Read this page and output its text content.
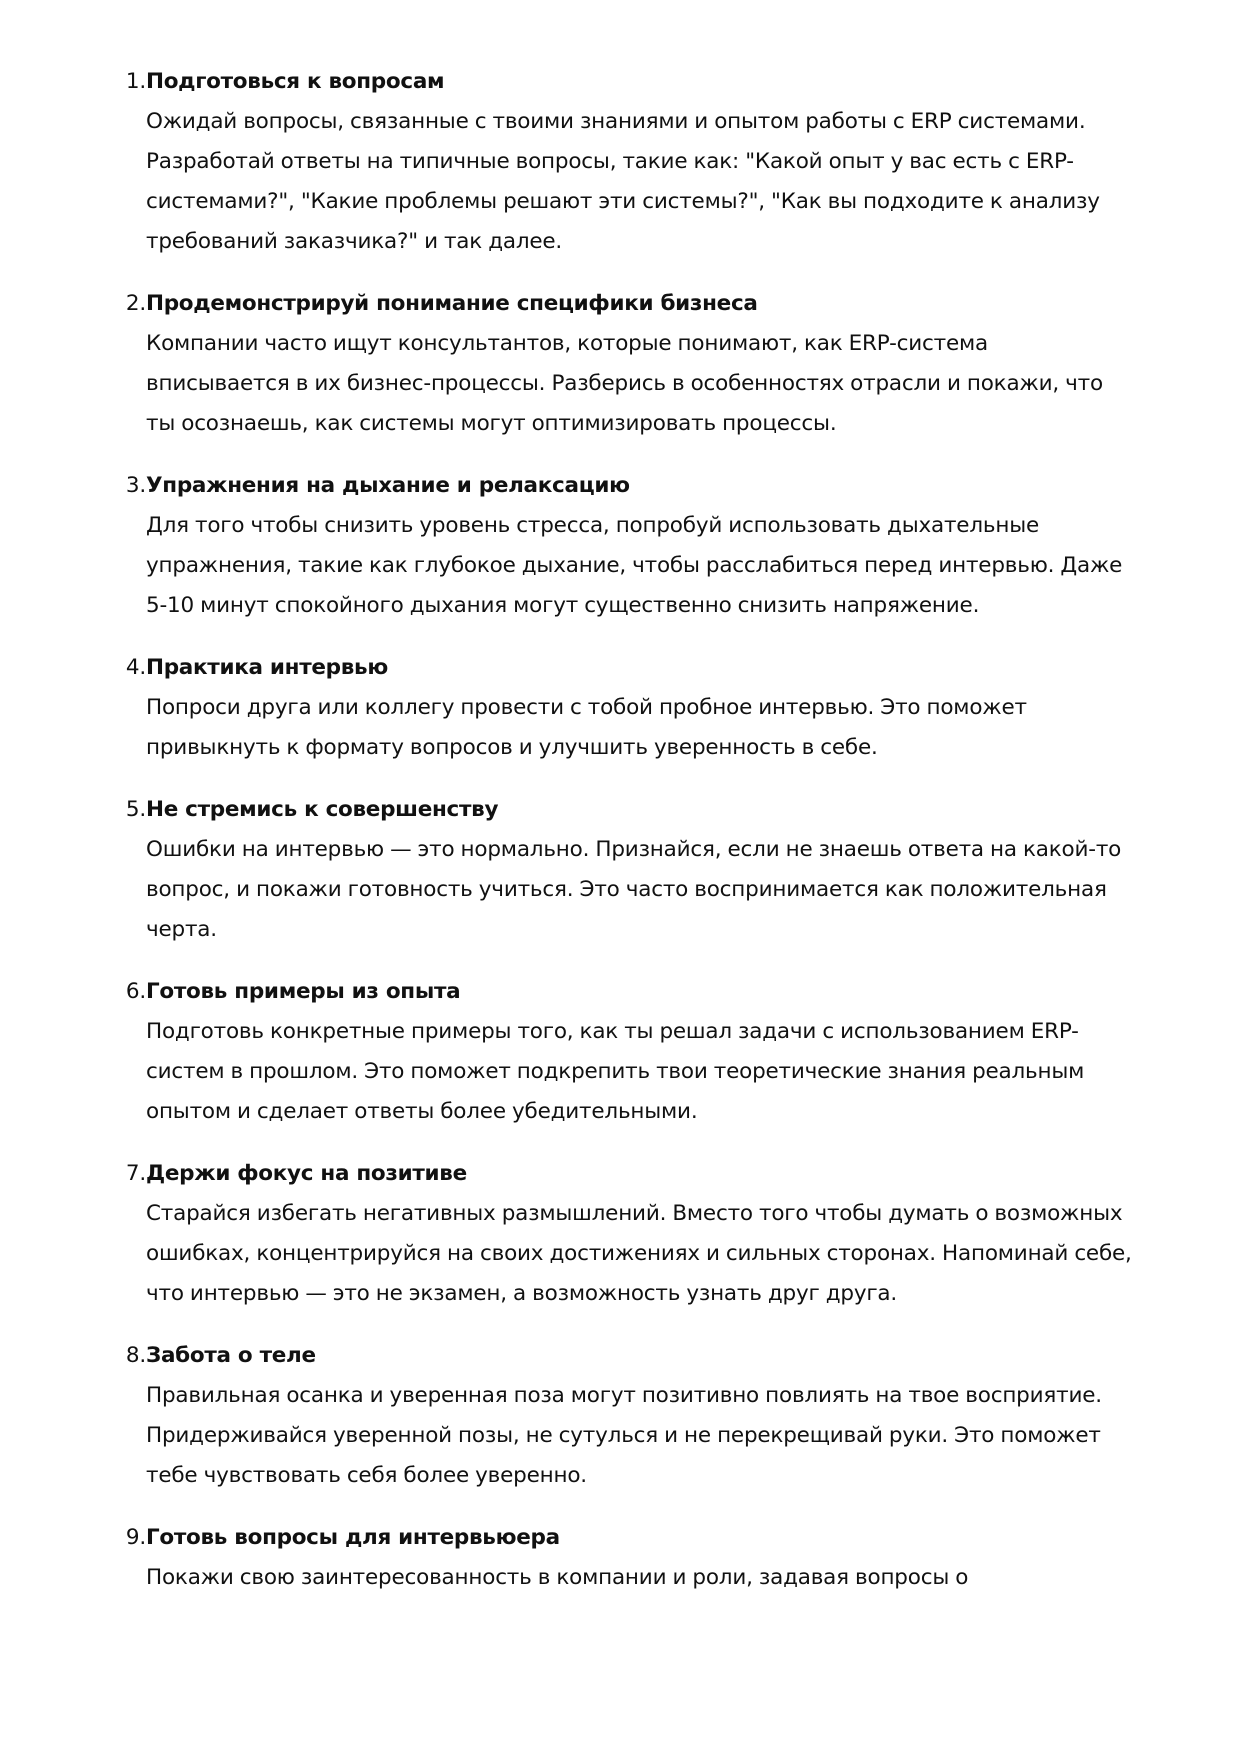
1. Подготовься к вопросам
Ожидай вопросы, связанные с твоими знаниями и опытом работы с ERP системами.
Разработай ответы на типичные вопросы, такие как: "Какой опыт у вас есть с ERP-
системами?", "Какие проблемы решают эти системы?", "Как вы подходите к анализу
требований заказчика?" и так далее.
2. Продемонстрируй понимание специфики бизнеса
Компании часто ищут консультантов, которые понимают, как ERP-система
вписывается в их бизнес-процессы. Разберись в особенностях отрасли и покажи, что
ты осознаешь, как системы могут оптимизировать процессы.
3. Упражнения на дыхание и релаксацию
Для того чтобы снизить уровень стресса, попробуй использовать дыхательные
упражнения, такие как глубокое дыхание, чтобы расслабиться перед интервью. Даже
5-10 минут спокойного дыхания могут существенно снизить напряжение.
4. Практика интервью
Попроси друга или коллегу провести с тобой пробное интервью. Это поможет
привыкнуть к формату вопросов и улучшить уверенность в себе.
5. Не стремись к совершенству
Ошибки на интервью — это нормально. Признайся, если не знаешь ответа на какой-то
вопрос, и покажи готовность учиться. Это часто воспринимается как положительная
черта.
6. Готовь примеры из опыта
Подготовь конкретные примеры того, как ты решал задачи с использованием ERP-
систем в прошлом. Это поможет подкрепить твои теоретические знания реальным
опытом и сделает ответы более убедительными.
7. Держи фокус на позитиве
Старайся избегать негативных размышлений. Вместо того чтобы думать о возможных
ошибках, концентрируйся на своих достижениях и сильных сторонах. Напоминай себе,
что интервью — это не экзамен, а возможность узнать друг друга.
8. Забота о теле
Правильная осанка и уверенная поза могут позитивно повлиять на твое восприятие.
Придерживайся уверенной позы, не сутулься и не перекрещивай руки. Это поможет
тебе чувствовать себя более уверенно.
9. Готовь вопросы для интервьюера
Покажи свою заинтересованность в компании и роли, задавая вопросы о
